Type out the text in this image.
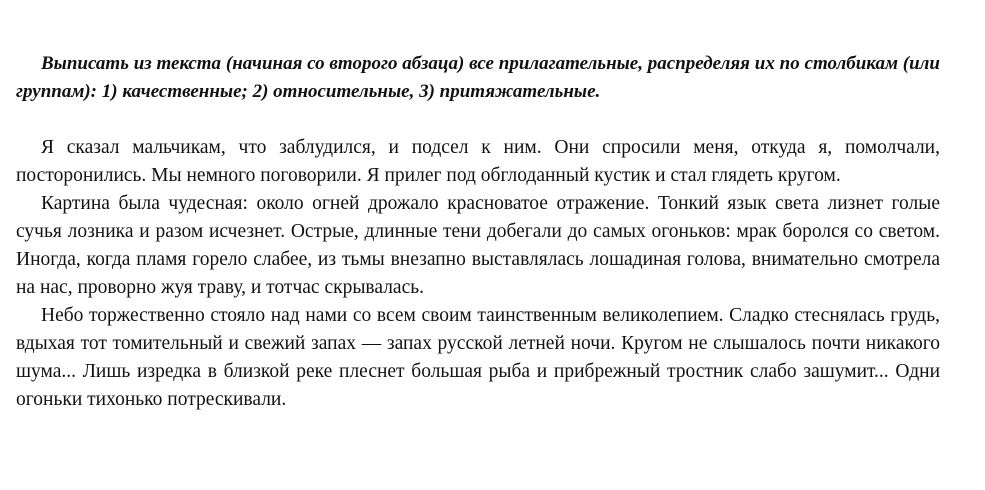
Выписать из текста (начиная со второго абзаца) все прилагательные, распределяя их по столбикам (или группам): 1) качественные; 2) относительные, 3) притяжательные.

Я сказал мальчикам, что заблудился, и подсел к ним. Они спросили меня, откуда я, помолчали, посторонились. Мы немного поговорили. Я прилег под обглоданный кустик и стал глядеть кругом.

Картина была чудесная: около огней дрожало красноватое отражение. Тонкий язык света лизнет голые сучья лозника и разом исчезнет. Острые, длинные тени добегали до самых огоньков: мрак боролся со светом. Иногда, когда пламя горело слабее, из тьмы внезапно выставлялась лошадиная голова, внимательно смотрела на нас, проворно жуя траву, и тотчас скрывалась.

Небо торжественно стояло над нами со всем своим таинственным великолепием. Сладко стеснялась грудь, вдыхая тот томительный и свежий запах — запах русской летней ночи. Кругом не слышалось почти никакого шума... Лишь изредка в близкой реке плеснет большая рыба и прибрежный тростник слабо зашумит... Одни огоньки тихонько потрескивали.
